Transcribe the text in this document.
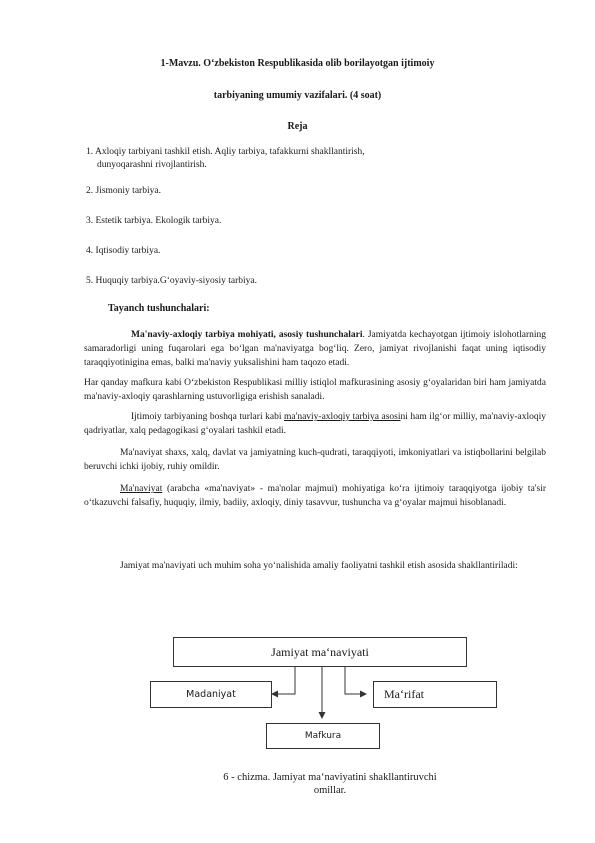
1-Mavzu. O‘zbekiston Respublikasida olib borilayotgan ijtimoiy
tarbiyaning umumiy vazifalari. (4 soat)
Reja
1. Axloqiy tarbiyani tashkil etish. Aqliy tarbiya, tafakkurni shakllantirish,
dunyoqarashni rivojlantirish.
2. Jismoniy tarbiya.
3. Estetik tarbiya. Ekologik tarbiya.
4. Iqtisodiy tarbiya.
5. Huquqiy tarbiya.G‘oyaviy-siyosiy tarbiya.
Tayanch tushunchalari:
Ma'naviy-axloqiy tarbiya mohiyati, asosiy tushunchalari. Jamiyatda kechayotgan ijtimoiy islohotlarning samaradorligi uning fuqarolari ega bo‘lgan ma'naviyatga bog‘liq. Zero, jamiyat rivojlanishi faqat uning iqtisodiy taraqqiyotinigina emas, balki ma'naviy yuksalishini ham taqozo etadi.
Har qanday mafkura kabi O‘zbekiston Respublikasi milliy istiqlol mafkurasining asosiy g‘oyalaridan biri ham jamiyatda ma'naviy-axloqiy qarashlarning ustuvorligiga erishish sanaladi.
Ijtimoiy tarbiyaning boshqa turlari kabi ma'naviy-axloqiy tarbiya asosini ham ilg‘or milliy, ma'naviy-axloqiy qadriyatlar, xalq pedagogikasi g‘oyalari tashkil etadi.
Ma'naviyat shaxs, xalq, davlat va jamiyatning kuch-qudrati, taraqqiyoti, imkoniyatlari va istiqbollarini belgilab beruvchi ichki ijobiy, ruhiy omildir.
Ma'naviyat (arabcha «ma'naviyat» - ma'nolar majmui) mohiyatiga ko‘ra ijtimoiy taraqqiyotga ijobiy ta'sir o‘tkazuvchi falsafiy, huquqiy, ilmiy, badiiy, axloqiy, diniy tasavvur, tushuncha va g‘oyalar majmui hisoblanadi.
Jamiyat ma'naviyati uch muhim soha yo‘nalishida amaliy faoliyatni tashkil etish asosida shakllantiriladi:
Jamiyat ma‘naviyati
Madaniyat	Ma‘rifat
Mafkura
6 - chizma. Jamiyat ma‘naviyatini shakllantiruvchi
omillar.
